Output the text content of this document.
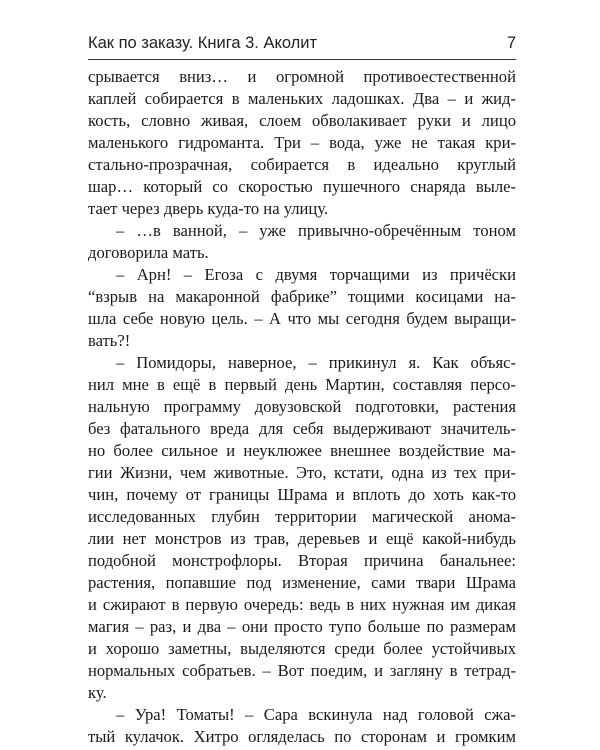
Как по заказу. Книга 3. Аколит	7
срывается вниз… и огромной противоестественной
каплей собирается в маленьких ладошках. Два – и жид-
кость, словно живая, слоем обволакивает руки и лицо
маленького гидроманта. Три – вода, уже не такая кри-
стально-прозрачная, собирается в идеально круглый
шар… который со скоростью пушечного снаряда выле-
тает через дверь куда-то на улицу.
– …в ванной, – уже привычно-обречённым тоном
договорила мать.
– Арн! – Егоза с двумя торчащими из причёски
“взрыв на макаронной фабрике” тощими косицами на-
шла себе новую цель. – А что мы сегодня будем выращи-
вать?!
– Помидоры, наверное, – прикинул я. Как объяс-
нил мне в ещё в первый день Мартин, составляя персо-
нальную программу довузовской подготовки, растения
без фатального вреда для себя выдерживают значитель-
но более сильное и неуклюжее внешнее воздействие ма-
гии Жизни, чем животные. Это, кстати, одна из тех при-
чин, почему от границы Шрама и вплоть до хоть как-то
исследованных глубин территории магической анома-
лии нет монстров из трав, деревьев и ещё какой-нибудь
подобной монстрофлоры. Вторая причина банальнее:
растения, попавшие под изменение, сами твари Шрама
и сжирают в первую очередь: ведь в них нужная им дикая
магия – раз, и два – они просто тупо больше по размерам
и хорошо заметны, выделяются среди более устойчивых
нормальных собратьев. – Вот поедим, и загляну в тетрад-
ку.
– Ура! Томаты! – Сара вскинула над головой сжа-
тый кулачок. Хитро огляделась по сторонам и громким
